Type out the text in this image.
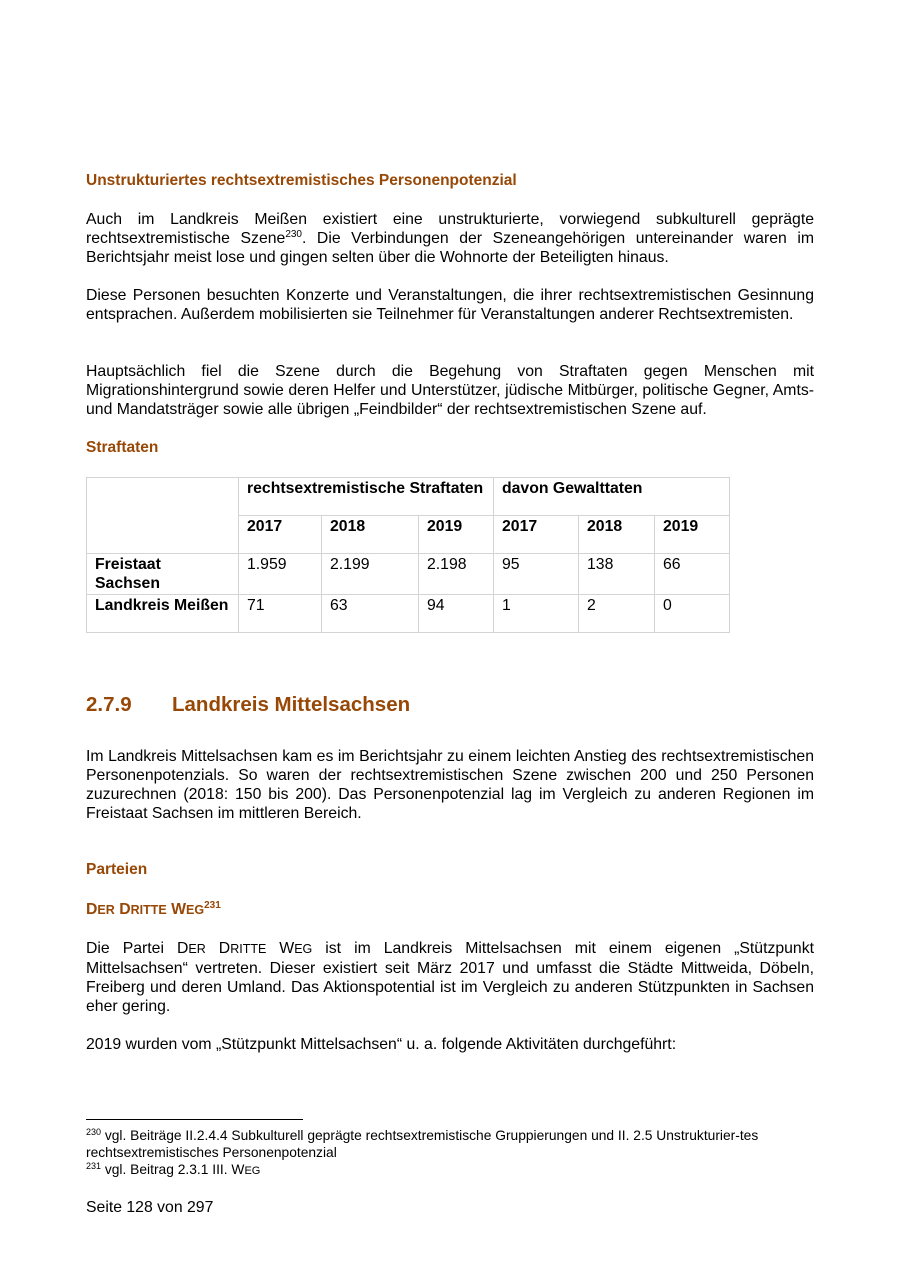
Unstrukturiertes rechtsextremistisches Personenpotenzial

Auch im Landkreis Meißen existiert eine unstrukturierte, vorwiegend subkulturell geprägte rechtsextremistische Szene$^{230}$. Die Verbindungen der Szeneangehörigen untereinander waren im Berichtsjahr meist lose und gingen selten über die Wohnorte der Beteiligten hinaus.

Diese Personen besuchten Konzerte und Veranstaltungen, die ihrer rechtsextremistischen Gesinnung entsprachen. Außerdem mobilisierten sie Teilnehmer für Veranstaltungen anderer Rechtsextremisten.

Hauptsächlich fiel die Szene durch die Begehung von Straftaten gegen Menschen mit Migrationshintergrund sowie deren Helfer und Unterstützer, jüdische Mitbürger, politische Gegner, Amts- und Mandatsträger sowie alle übrigen „Feindbilder“ der rechtsextremistischen Szene auf.

Straftaten
	rechtsextremistische Straftaten			davon Gewalttaten		
	2017	2018	2019	2017	2018	2019
Freistaat Sachsen	1.959	2.199	2.198	95	138	66
Landkreis Meißen	71	63	94	1	2	0
2.7.9 Landkreis Mittelsachsen

Im Landkreis Mittelsachsen kam es im Berichtsjahr zu einem leichten Anstieg des rechtsextremistischen Personenpotenzials. So waren der rechtsextremistischen Szene zwischen 200 und 250 Personen zuzurechnen (2018: 150 bis 200). Das Personenpotenzial lag im Vergleich zu anderen Regionen im Freistaat Sachsen im mittleren Bereich.

Parteien
DER DRITTE WEG$^{231}$

Die Partei DER DRITTE WEG ist im Landkreis Mittelsachsen mit einem eigenen „Stützpunkt Mittelsachsen“ vertreten. Dieser existiert seit März 2017 und umfasst die Städte Mittweida, Döbeln, Freiberg und deren Umland. Das Aktionspotential ist im Vergleich zu anderen Stützpunkten in Sachsen eher gering.

2019 wurden vom „Stützpunkt Mittelsachsen“ u. a. folgende Aktivitäten durchgeführt:

$^{230}$ vgl. Beiträge II.2.4.4 Subkulturell geprägte rechtsextremistische Gruppierungen und II. 2.5 Unstrukturier-tes rechtsextremistisches Personenpotenzial

$^{231}$ vgl. Beitrag 2.3.1 III. WEG

Seite 128 von 297
